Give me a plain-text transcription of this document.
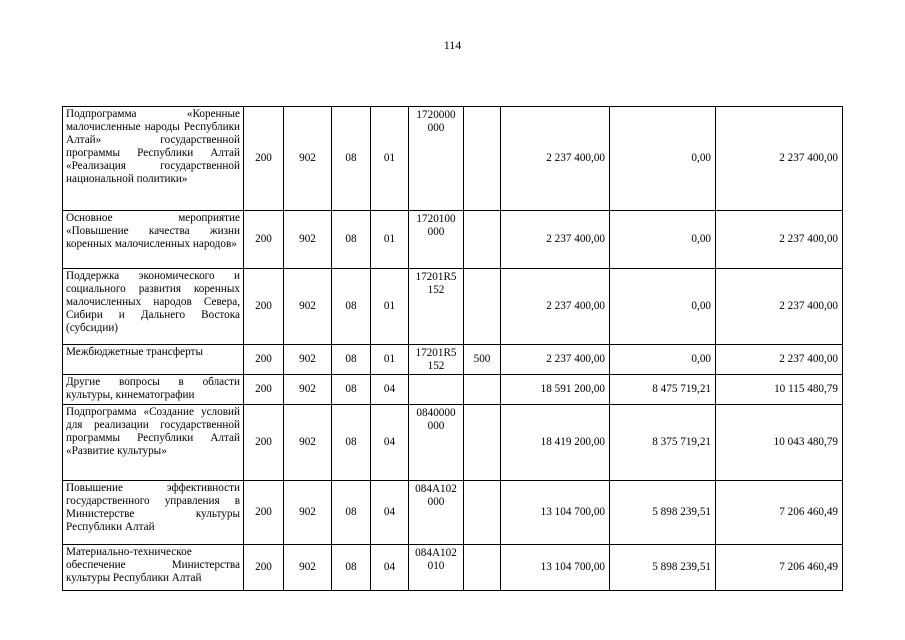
114
Подпрограмма «Коренные малочисленные народы Республики Алтай» государственной программы Республики Алтай «Реализация государственной национальной политики»	200	902	08	01	1720000 000		2 237 400,00	0,00	2 237 400,00
Основное мероприятие «Повышение качества жизни коренных малочисленных народов»	200	902	08	01	1720100 000		2 237 400,00	0,00	2 237 400,00
Поддержка экономического и социального развития коренных малочисленных народов Севера, Сибири и Дальнего Востока (субсидии)	200	902	08	01	17201R5 152		2 237 400,00	0,00	2 237 400,00
Межбюджетные трансферты	200	902	08	01	17201R5 152	500	2 237 400,00	0,00	2 237 400,00
Другие вопросы в области культуры, кинематографии	200	902	08	04			18 591 200,00	8 475 719,21	10 115 480,79
Подпрограмма «Создание условий для реализации государственной программы Республики Алтай «Развитие культуры»	200	902	08	04	0840000 000		18 419 200,00	8 375 719,21	10 043 480,79
Повышение эффективности государственного управления в Министерстве культуры Республики Алтай	200	902	08	04	084А102 000		13 104 700,00	5 898 239,51	7 206 460,49
Материально-техническое обеспечение Министерства культуры Республики Алтай	200	902	08	04	084А102 010		13 104 700,00	5 898 239,51	7 206 460,49
